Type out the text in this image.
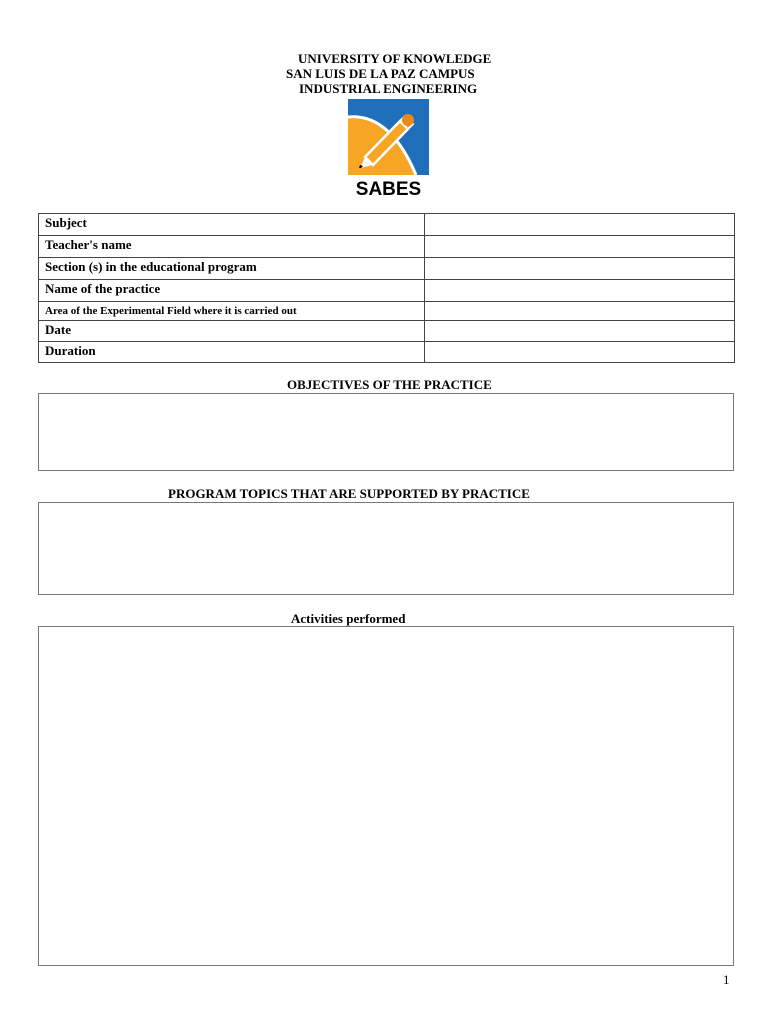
UNIVERSITY OF KNOWLEDGE
SAN LUIS DE LA PAZ CAMPUS
INDUSTRIAL ENGINEERING
SABES
Subject	
Teacher's name	
Section (s) in the educational program	
Name of the practice	
Area of the Experimental Field where it is carried out	
Date	
Duration	
OBJECTIVES OF THE PRACTICE
PROGRAM TOPICS THAT ARE SUPPORTED BY PRACTICE
Activities performed
1
